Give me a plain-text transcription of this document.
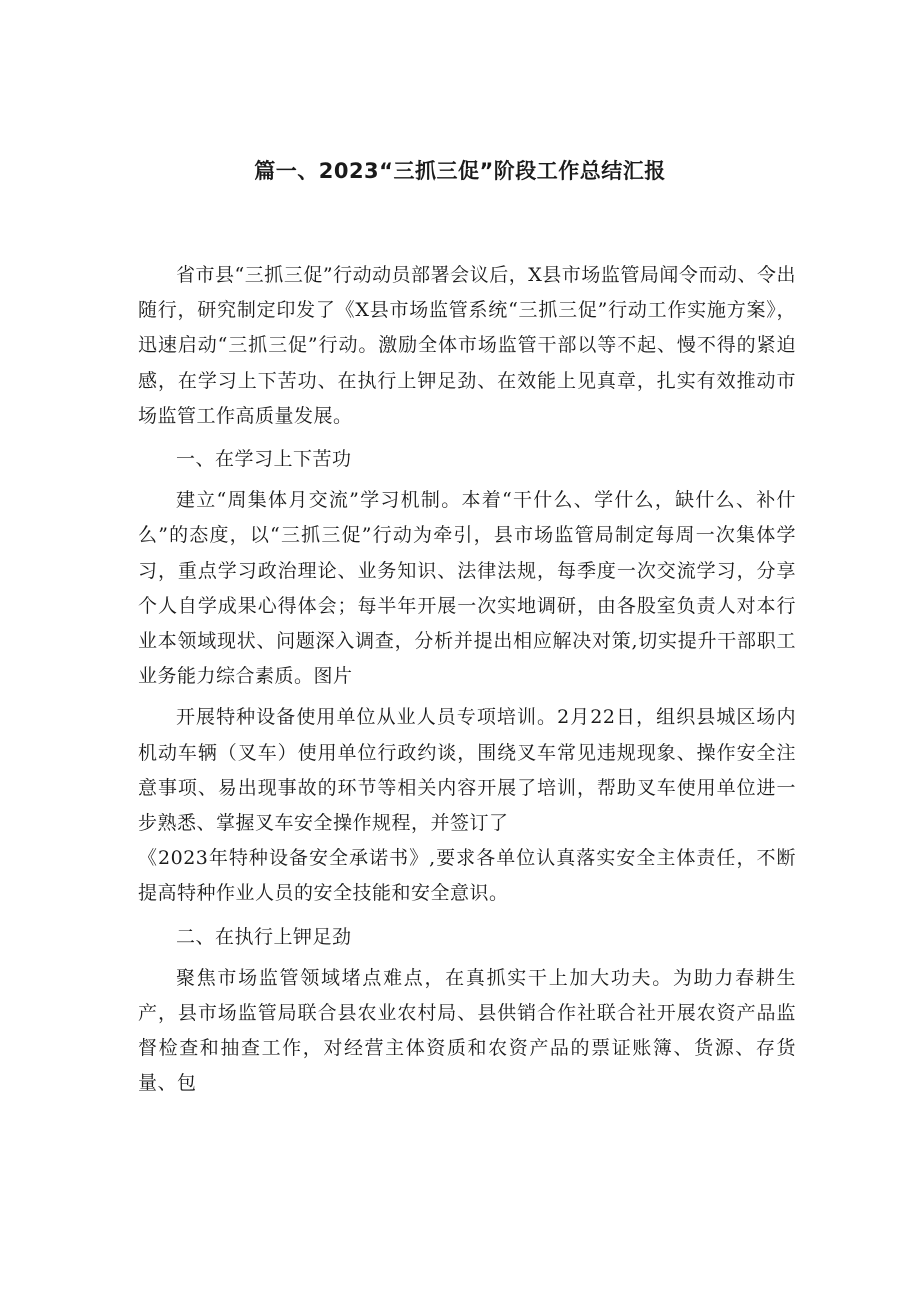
篇一、2023“三抓三促”阶段工作总结汇报

省市县“三抓三促”行动动员部署会议后，X县市场监管局闻令而动、令出随行，研究制定印发了《X县市场监管系统“三抓三促”行动工作实施方案》，迅速启动“三抓三促”行动。激励全体市场监管干部以等不起、慢不得的紧迫感，在学习上下苦功、在执行上钾足劲、在效能上见真章，扎实有效推动市场监管工作高质量发展。

一、在学习上下苦功

建立“周集体月交流”学习机制。本着“干什么、学什么，缺什么、补什么”的态度，以“三抓三促”行动为牵引，县市场监管局制定每周一次集体学习，重点学习政治理论、业务知识、法律法规，每季度一次交流学习，分享个人自学成果心得体会；每半年开展一次实地调研，由各股室负责人对本行业本领域现状、问题深入调查，分析并提出相应解决对策,切实提升干部职工业务能力综合素质。图片

开展特种设备使用单位从业人员专项培训。2月22日，组织县城区场内机动车辆（叉车）使用单位行政约谈，围绕叉车常见违规现象、操作安全注意事项、易出现事故的环节等相关内容开展了培训，帮助叉车使用单位进一步熟悉、掌握叉车安全操作规程，并签订了

《2023年特种设备安全承诺书》,要求各单位认真落实安全主体责任，不断提高特种作业人员的安全技能和安全意识。

二、在执行上钾足劲

聚焦市场监管领域堵点难点，在真抓实干上加大功夫。为助力春耕生产，县市场监管局联合县农业农村局、县供销合作社联合社开展农资产品监督检查和抽查工作，对经营主体资质和农资产品的票证账簿、货源、存货量、包
